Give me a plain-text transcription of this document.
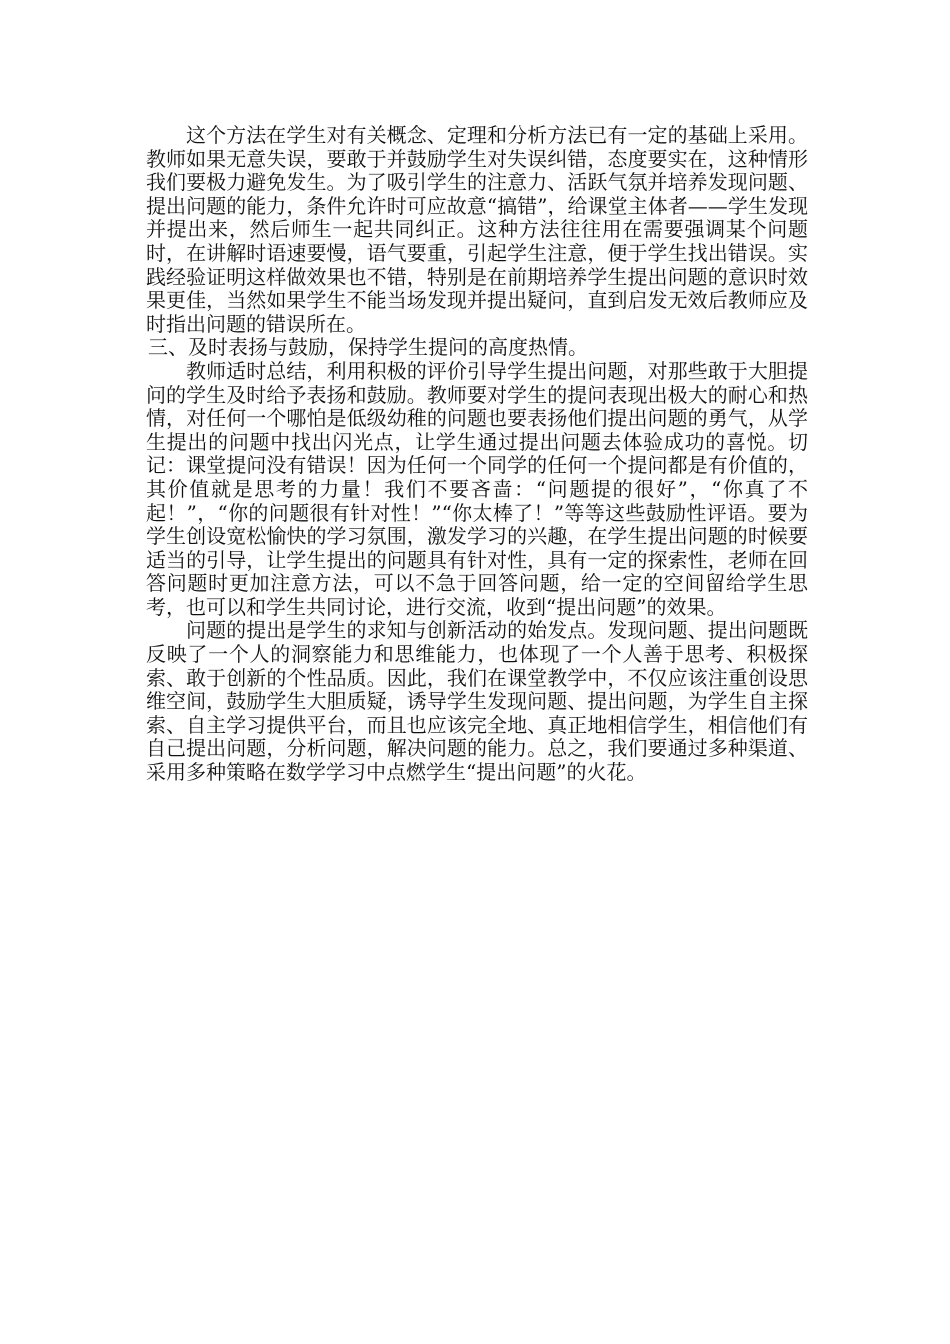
这个方法在学生对有关概念、定理和分析方法已有一定的基础上采用。教师如果无意失误，要敢于并鼓励学生对失误纠错，态度要实在，这种情形我们要极力避免发生。为了吸引学生的注意力、活跃气氛并培养发现问题、提出问题的能力，条件允许时可应故意“搞错”，给课堂主体者——学生发现并提出来，然后师生一起共同纠正。这种方法往往用在需要强调某个问题时，在讲解时语速要慢，语气要重，引起学生注意，便于学生找出错误。实践经验证明这样做效果也不错，特别是在前期培养学生提出问题的意识时效果更佳，当然如果学生不能当场发现并提出疑问，直到启发无效后教师应及时指出问题的错误所在。

三、及时表扬与鼓励，保持学生提问的高度热情。

教师适时总结，利用积极的评价引导学生提出问题，对那些敢于大胆提问的学生及时给予表扬和鼓励。教师要对学生的提问表现出极大的耐心和热情，对任何一个哪怕是低级幼稚的问题也要表扬他们提出问题的勇气，从学生提出的问题中找出闪光点，让学生通过提出问题去体验成功的喜悦。切记：课堂提问没有错误！因为任何一个同学的任何一个提问都是有价值的，其价值就是思考的力量！我们不要吝啬：“问题提的很好”，“你真了不起！”，“你的问题很有针对性！”“你太棒了！”等等这些鼓励性评语。要为学生创设宽松愉快的学习氛围，激发学习的兴趣，在学生提出问题的时候要适当的引导，让学生提出的问题具有针对性，具有一定的探索性，老师在回答问题时更加注意方法，可以不急于回答问题，给一定的空间留给学生思考，也可以和学生共同讨论，进行交流，收到“提出问题”的效果。

问题的提出是学生的求知与创新活动的始发点。发现问题、提出问题既反映了一个人的洞察能力和思维能力，也体现了一个人善于思考、积极探索、敢于创新的个性品质。因此，我们在课堂教学中，不仅应该注重创设思维空间，鼓励学生大胆质疑，诱导学生发现问题、提出问题，为学生自主探索、自主学习提供平台，而且也应该完全地、真正地相信学生，相信他们有自己提出问题，分析问题，解决问题的能力。总之，我们要通过多种渠道、采用多种策略在数学学习中点燃学生“提出问题”的火花。
